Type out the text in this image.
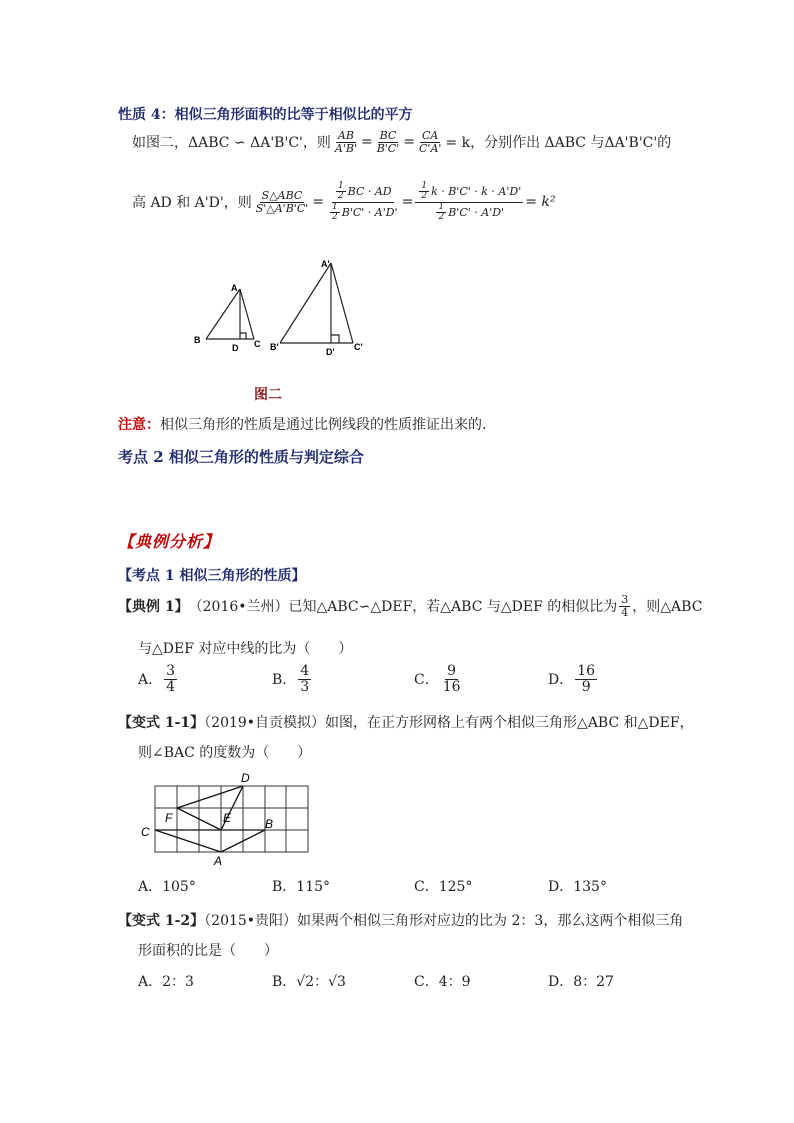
性质 4：相似三角形面积的比等于相似比的平方
如图二，ΔABC ∽ ΔA'B'C'，则 $\frac{AB}{A'B'} = \frac{BC}{B'C'} = \frac{CA}{C'A'} = k$，分别作出 ΔABC 与ΔA'B'C'的
高 AD 和 A'D'，则 $\frac{\text{S△ABC}}{S'\triangle A'B'C'} = \frac{\frac{1}{2} BC \cdot AD}{\frac{1}{2} B'C' \cdot A'D'} = \frac{\frac{1}{2} k \cdot B'C' \cdot k \cdot A'D'}{\frac{1}{2} B'C' \cdot A'D'} = k^2$
A
B
D C
A'
B'	D' C'
图二
注意：相似三角形的性质是通过比例线段的性质推证出来的.
考点 2 相似三角形的性质与判定综合
【典例分析】
【考点 1 相似三角形的性质】
【典例 1】 （2016•兰州）已知△ABC∽△DEF，若△ABC 与△DEF 的相似比为 $\frac{3}{4}$ ，则△ABC
与△DEF 对应中线的比为（　　）
A． $\frac{3}{4}$	B． $\frac{4}{3}$	C． $\frac{9}{16}$	D． $\frac{16}{9}$
【变式 1-1】（2019•自贡模拟）如图，在正方形网格上有两个相似三角形△ABC 和△DEF，
则∠BAC 的度数为（　　）
D
F	E	B
C
A
A．105°	B．115°	C．125°	D．135°
【变式 1-2】（2015•贵阳）如果两个相似三角形对应边的比为 2：3，那么这两个相似三角
形面积的比是（　　）
A．2：3	B．√2：√3	C．4：9	D．8：27
